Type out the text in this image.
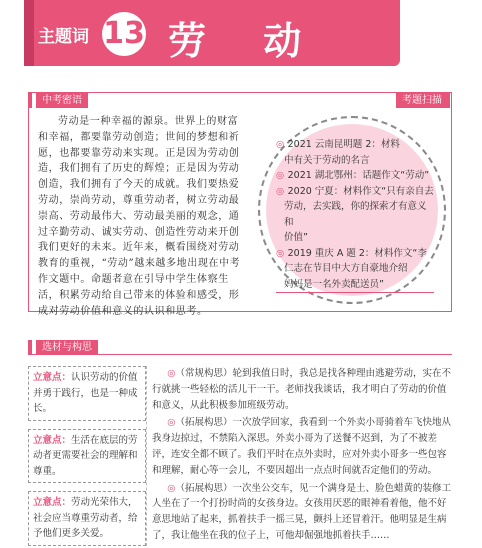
主题词 13 劳 动
中考密语	考题扫描
劳动是一种幸福的源泉。世界上的财富和幸福，都要靠劳动创造；世间的梦想和祈愿，也都要靠劳动来实现。正是因为劳动创造，我们拥有了历史的辉煌；正是因为劳动创造，我们拥有了今天的成就。我们要热爱劳动，崇尚劳动，尊重劳动者，树立劳动最崇高、劳动最伟大、劳动最美丽的观念，通过辛勤劳动、诚实劳动、创造性劳动来开创我们更好的未来。近年来，概看围绕对劳动教育的重视，“劳动”越来越多地出现在中考作文题中。命题者意在引导中学生体察生活，积累劳动给自己带来的体验和感受，形成对劳动价值和意义的认识和思考。
◎ 2021 云南昆明题 2：材料
中有关于劳动的名言
◎ 2021 湖北鄂州：话题作文“劳动”
◎ 2020 宁夏：材料作文“只有亲自去
劳动，去实践，你的探索才有意义和
价值”
◎ 2019 重庆 A 题 2：材料作文“李
仁志在节目中大方自豪地介绍
妈妈是一名外卖配送员”
选材与构思
立意点：认识劳动的价值并勇于践行，也是一种成长。
立意点：生活在底层的劳动者更需要社会的理解和尊重。
立意点：劳动光荣伟大，社会应当尊重劳动者，给予他们更多关爱。

◎（常规构思）轮到我值日时，我总是找各种理由逃避劳动，实在不行就挑一些轻松的活儿干一干。老师找我谈话，我才明白了劳动的价值和意义，从此积极参加班级劳动。

◎（拓展构思）一次放学回家，我看到一个外卖小哥骑着车飞快地从我身边掠过，不禁陷入深思。外卖小哥为了送餐不迟到，为了不被差评，连安全都不顾了。我们平时在点外卖时，应对外卖小哥多一些包容和理解，耐心等一会儿，不要因超出一点点时间就否定他们的劳动。

◎（拓展构思）一次坐公交车，见一个满身是土、脸色蜡黄的装修工人坐在了一个打扮时尚的女孩身边。女孩用厌恶的眼神看着他，他不好意思地站了起来，抓着扶手一摇三晃，颤抖上还冒着汗。他明显是生病了，我让他坐在我的位子上，可他却倔强地抓着扶手……
